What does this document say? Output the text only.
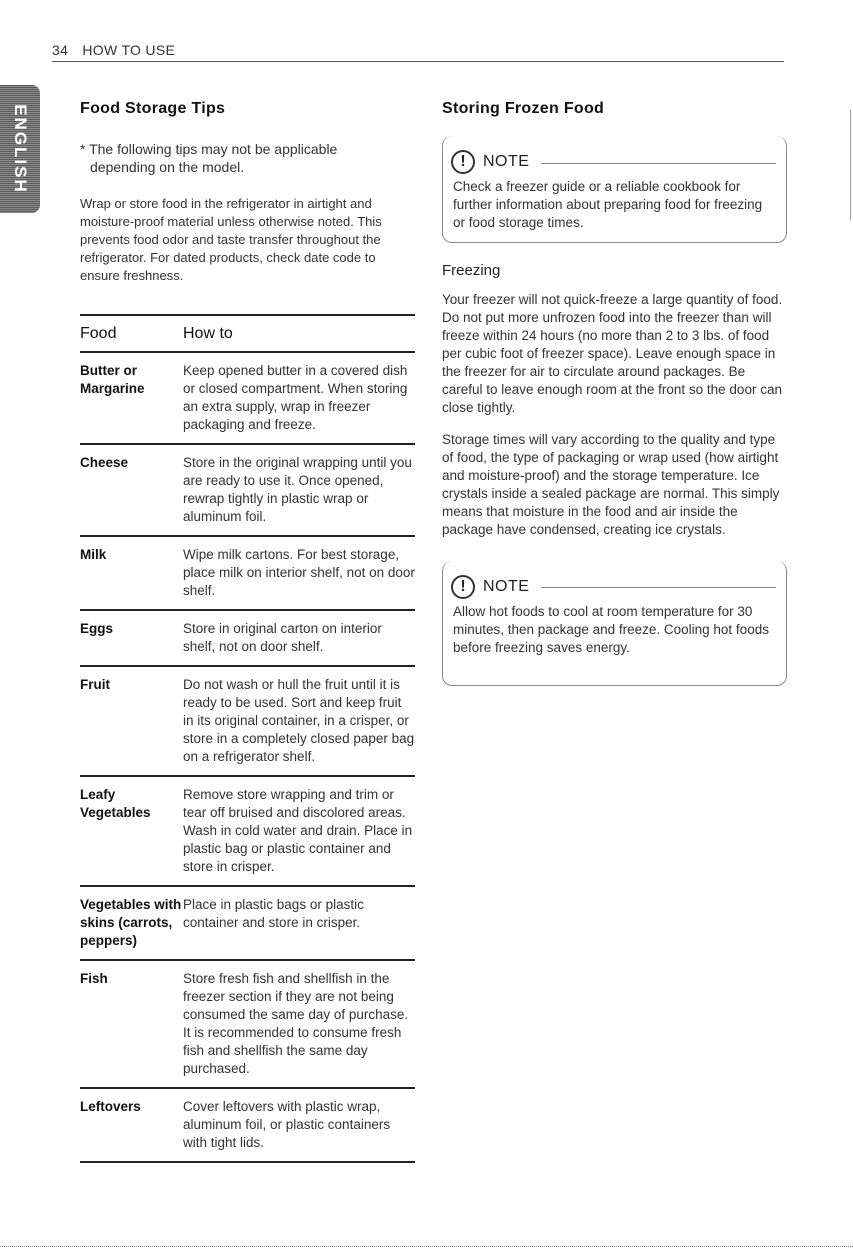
34 HOW TO USE
ENGLISH	Food Storage Tips
* The following tips may not be applicable
depending on the model.

Wrap or store food in the refrigerator in airtight and moisture-proof material unless otherwise noted. This prevents food odor and taste transfer throughout the refrigerator. For dated products, check date code to ensure freshness.

Food	How to
Butter or Margarine	Keep opened butter in a covered dish or closed compartment. When storing an extra supply, wrap in freezer packaging and freeze.
Cheese	Store in the original wrapping until you are ready to use it. Once opened, rewrap tightly in plastic wrap or aluminum foil.
Milk	Wipe milk cartons. For best storage, place milk on interior shelf, not on door shelf.
Eggs	Store in original carton on interior shelf, not on door shelf.
Fruit	Do not wash or hull the fruit until it is ready to be used. Sort and keep fruit in its original container, in a crisper, or store in a completely closed paper bag on a refrigerator shelf.
Leafy Vegetables	Remove store wrapping and trim or tear off bruised and discolored areas. Wash in cold water and drain. Place in plastic bag or plastic container and store in crisper.
Vegetables with skins (carrots, peppers)	Place in plastic bags or plastic container and store in crisper.
Fish	Store fresh fish and shellfish in the freezer section if they are not being consumed the same day of purchase. It is recommended to consume fresh fish and shellfish the same day purchased.
Leftovers	Cover leftovers with plastic wrap, aluminum foil, or plastic containers with tight lids.
Storing Frozen Food
!	NOTE
Check a freezer guide or a reliable cookbook for further information about preparing food for freezing or food storage times.
Freezing

Your freezer will not quick-freeze a large quantity of food. Do not put more unfrozen food into the freezer than will freeze within 24 hours (no more than 2 to 3 lbs. of food per cubic foot of freezer space). Leave enough space in the freezer for air to circulate around packages. Be careful to leave enough room at the front so the door can close tightly.

Storage times will vary according to the quality and type of food, the type of packaging or wrap used (how airtight and moisture-proof) and the storage temperature. Ice crystals inside a sealed package are normal. This simply means that moisture in the food and air inside the package have condensed, creating ice crystals.

!	NOTE
Allow hot foods to cool at room temperature for 30 minutes, then package and freeze. Cooling hot foods before freezing saves energy.
